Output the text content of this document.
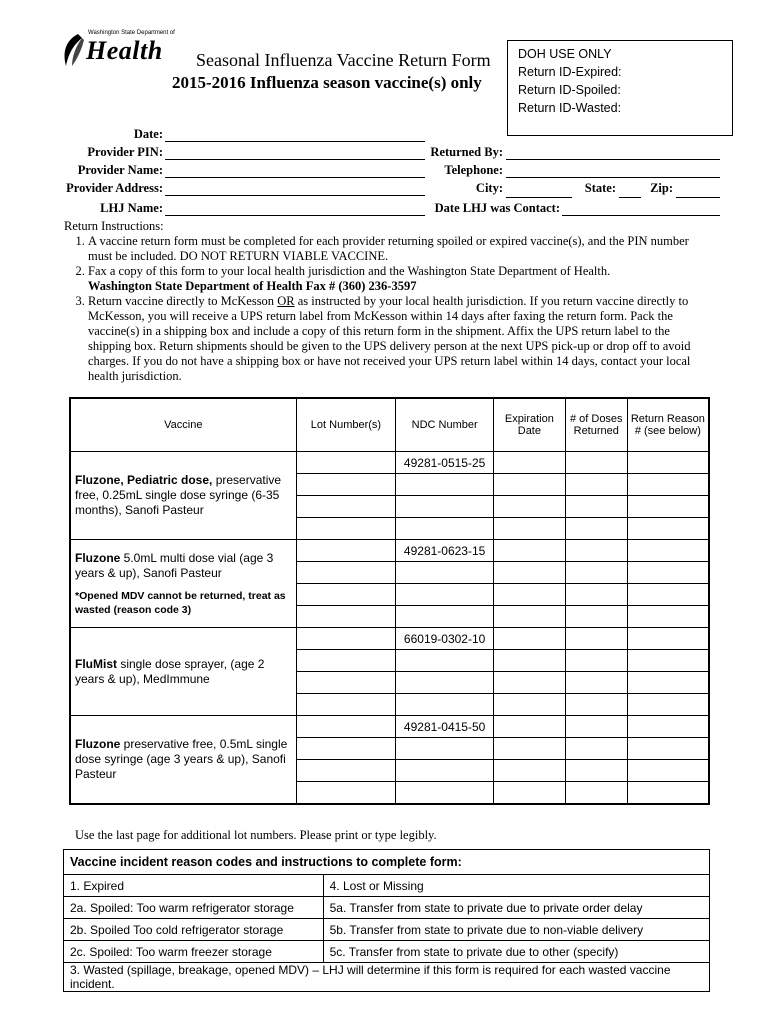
Washington State Department of
Health Seasonal Influenza Vaccine Return Form
2015-2016 Influenza season vaccine(s) only
DOH USE ONLY
Return ID-Expired:
Return ID-Spoiled:
Return ID-Wasted:
Date:
Provider PIN:
Provider Name:
Provider Address:
LHJ Name:
Returned By:
Telephone:
City:	State:	Zip:
Date LHJ was Contact:
Return Instructions:
1. A vaccine return form must be completed for each provider returning spoiled or expired vaccine(s), and the PIN number must be included. DO NOT RETURN VIABLE VACCINE.
2. Fax a copy of this form to your local health jurisdiction and the Washington State Department of Health.
Washington State Department of Health Fax # (360) 236-3597
3. Return vaccine directly to McKesson OR as instructed by your local health jurisdiction. If you return vaccine directly to McKesson, you will receive a UPS return label from McKesson within 14 days after faxing the return form. Pack the vaccine(s) in a shipping box and include a copy of this return form in the shipment. Affix the UPS return label to the shipping box. Return shipments should be given to the UPS delivery person at the next UPS pick-up or drop off to avoid charges. If you do not have a shipping box or have not received your UPS return label within 14 days, contact your local health jurisdiction.
Vaccine	Lot Number(s)	NDC Number	Expiration Date	# of Doses Returned	Return Reason # (see below)
Fluzone, Pediatric dose, preservative free, 0.25mL single dose syringe (6-35 months), Sanofi Pasteur		49281-0515-25			

Fluzone 5.0mL multi dose vial (age 3 years & up), Sanofi Pasteur
*Opened MDV cannot be returned, treat as wasted (reason code 3)		49281-0623-15			

FluMist single dose sprayer, (age 2 years & up), MedImmune		66019-0302-10			

Fluzone preservative free, 0.5mL single dose syringe (age 3 years & up), Sanofi Pasteur		49281-0415-50			

Use the last page for additional lot numbers. Please print or type legibly.
Vaccine incident reason codes and instructions to complete form:	
1. Expired	4. Lost or Missing
2a. Spoiled: Too warm refrigerator storage	5a. Transfer from state to private due to private order delay
2b. Spoiled Too cold refrigerator storage	5b. Transfer from state to private due to non-viable delivery
2c. Spoiled: Too warm freezer storage	5c. Transfer from state to private due to other (specify)
3. Wasted (spillage, breakage, opened MDV) – LHJ will determine if this form is required for each wasted vaccine incident.	
